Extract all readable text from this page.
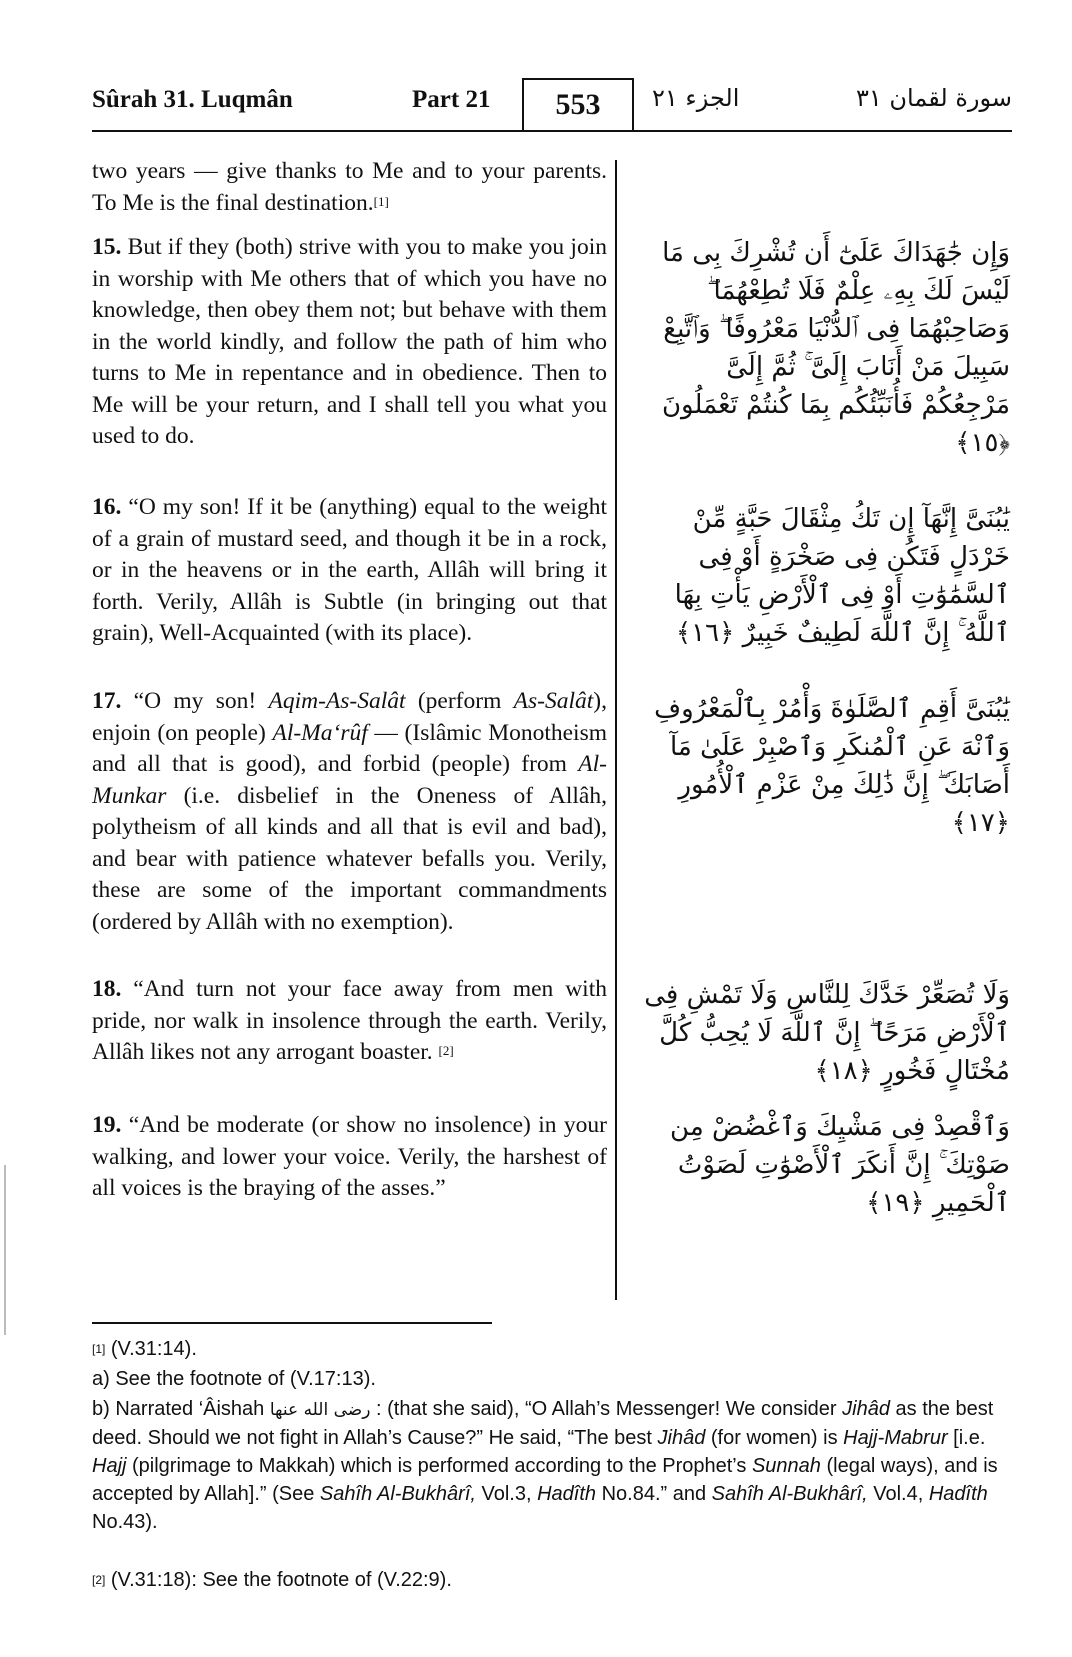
Sûrah 31. Luqmân	Part 21	553	الجزء ٢١	سورة لقمان ٣١
two years — give thanks to Me and to your parents. To Me is the final destination.[1]
15. But if they (both) strive with you to make you join in worship with Me others that of which you have no knowledge, then obey them not; but behave with them in the world kindly, and follow the path of him who turns to Me in repentance and in obedience. Then to Me will be your return, and I shall tell you what you used to do.
16. “O my son! If it be (anything) equal to the weight of a grain of mustard seed, and though it be in a rock, or in the heavens or in the earth, Allâh will bring it forth. Verily, Allâh is Subtle (in bringing out that grain), Well-Acquainted (with its place).
17. “O my son! Aqim-As-Salât (perform As-Salât), enjoin (on people) Al-Ma‘rûf — (Islâmic Monotheism and all that is good), and forbid (people) from Al-Munkar (i.e. disbelief in the Oneness of Allâh, polytheism of all kinds and all that is evil and bad), and bear with patience whatever befalls you. Verily, these are some of the important commandments (ordered by Allâh with no exemption).
18. “And turn not your face away from men with pride, nor walk in insolence through the earth. Verily, Allâh likes not any arrogant boaster. [2]
19. “And be moderate (or show no insolence) in your walking, and lower your voice. Verily, the harshest of all voices is the braying of the asses.”
وَإِن جَٰهَدَاكَ عَلَىٰٓ أَن تُشْرِكَ بِى مَا لَيْسَ لَكَ بِهِۦ عِلْمٌ فَلَا تُطِعْهُمَا ۖ وَصَاحِبْهُمَا فِى ٱلدُّنْيَا مَعْرُوفًا ۖ وَٱتَّبِعْ سَبِيلَ مَنْ أَنَابَ إِلَىَّ ۚ ثُمَّ إِلَىَّ مَرْجِعُكُمْ فَأُنَبِّئُكُم بِمَا كُنتُمْ تَعْمَلُونَ ﴿١٥﴾
يَٰبُنَىَّ إِنَّهَآ إِن تَكُ مِثْقَالَ حَبَّةٍ مِّنْ خَرْدَلٍ فَتَكُن فِى صَخْرَةٍ أَوْ فِى ٱلسَّمَٰوَٰتِ أَوْ فِى ٱلْأَرْضِ يَأْتِ بِهَا ٱللَّهُ ۚ إِنَّ ٱللَّهَ لَطِيفٌ خَبِيرٌ ﴿١٦﴾
يَٰبُنَىَّ أَقِمِ ٱلصَّلَوٰةَ وَأْمُرْ بِٱلْمَعْرُوفِ وَٱنْهَ عَنِ ٱلْمُنكَرِ وَٱصْبِرْ عَلَىٰ مَآ أَصَابَكَ ۖ إِنَّ ذَٰلِكَ مِنْ عَزْمِ ٱلْأُمُورِ ﴿١٧﴾
وَلَا تُصَعِّرْ خَدَّكَ لِلنَّاسِ وَلَا تَمْشِ فِى ٱلْأَرْضِ مَرَحًا ۖ إِنَّ ٱللَّهَ لَا يُحِبُّ كُلَّ مُخْتَالٍ فَخُورٍ ﴿١٨﴾
وَٱقْصِدْ فِى مَشْيِكَ وَٱغْضُضْ مِن صَوْتِكَ ۚ إِنَّ أَنكَرَ ٱلْأَصْوَٰتِ لَصَوْتُ ٱلْحَمِيرِ ﴿١٩﴾
[1] (V.31:14).
a) See the footnote of (V.17:13).
b) Narrated ‘Âishah رضى الله عنها : (that she said), “O Allah’s Messenger! We consider Jihâd as the best deed. Should we not fight in Allah’s Cause?” He said, “The best Jihâd (for women) is Hajj-Mabrur [i.e. Hajj (pilgrimage to Makkah) which is performed according to the Prophet’s Sunnah (legal ways), and is accepted by Allah].” (See Sahîh Al-Bukhârî, Vol.3, Hadîth No.84.” and Sahîh Al-Bukhârî, Vol.4, Hadîth No.43).
[2] (V.31:18): See the footnote of (V.22:9).
